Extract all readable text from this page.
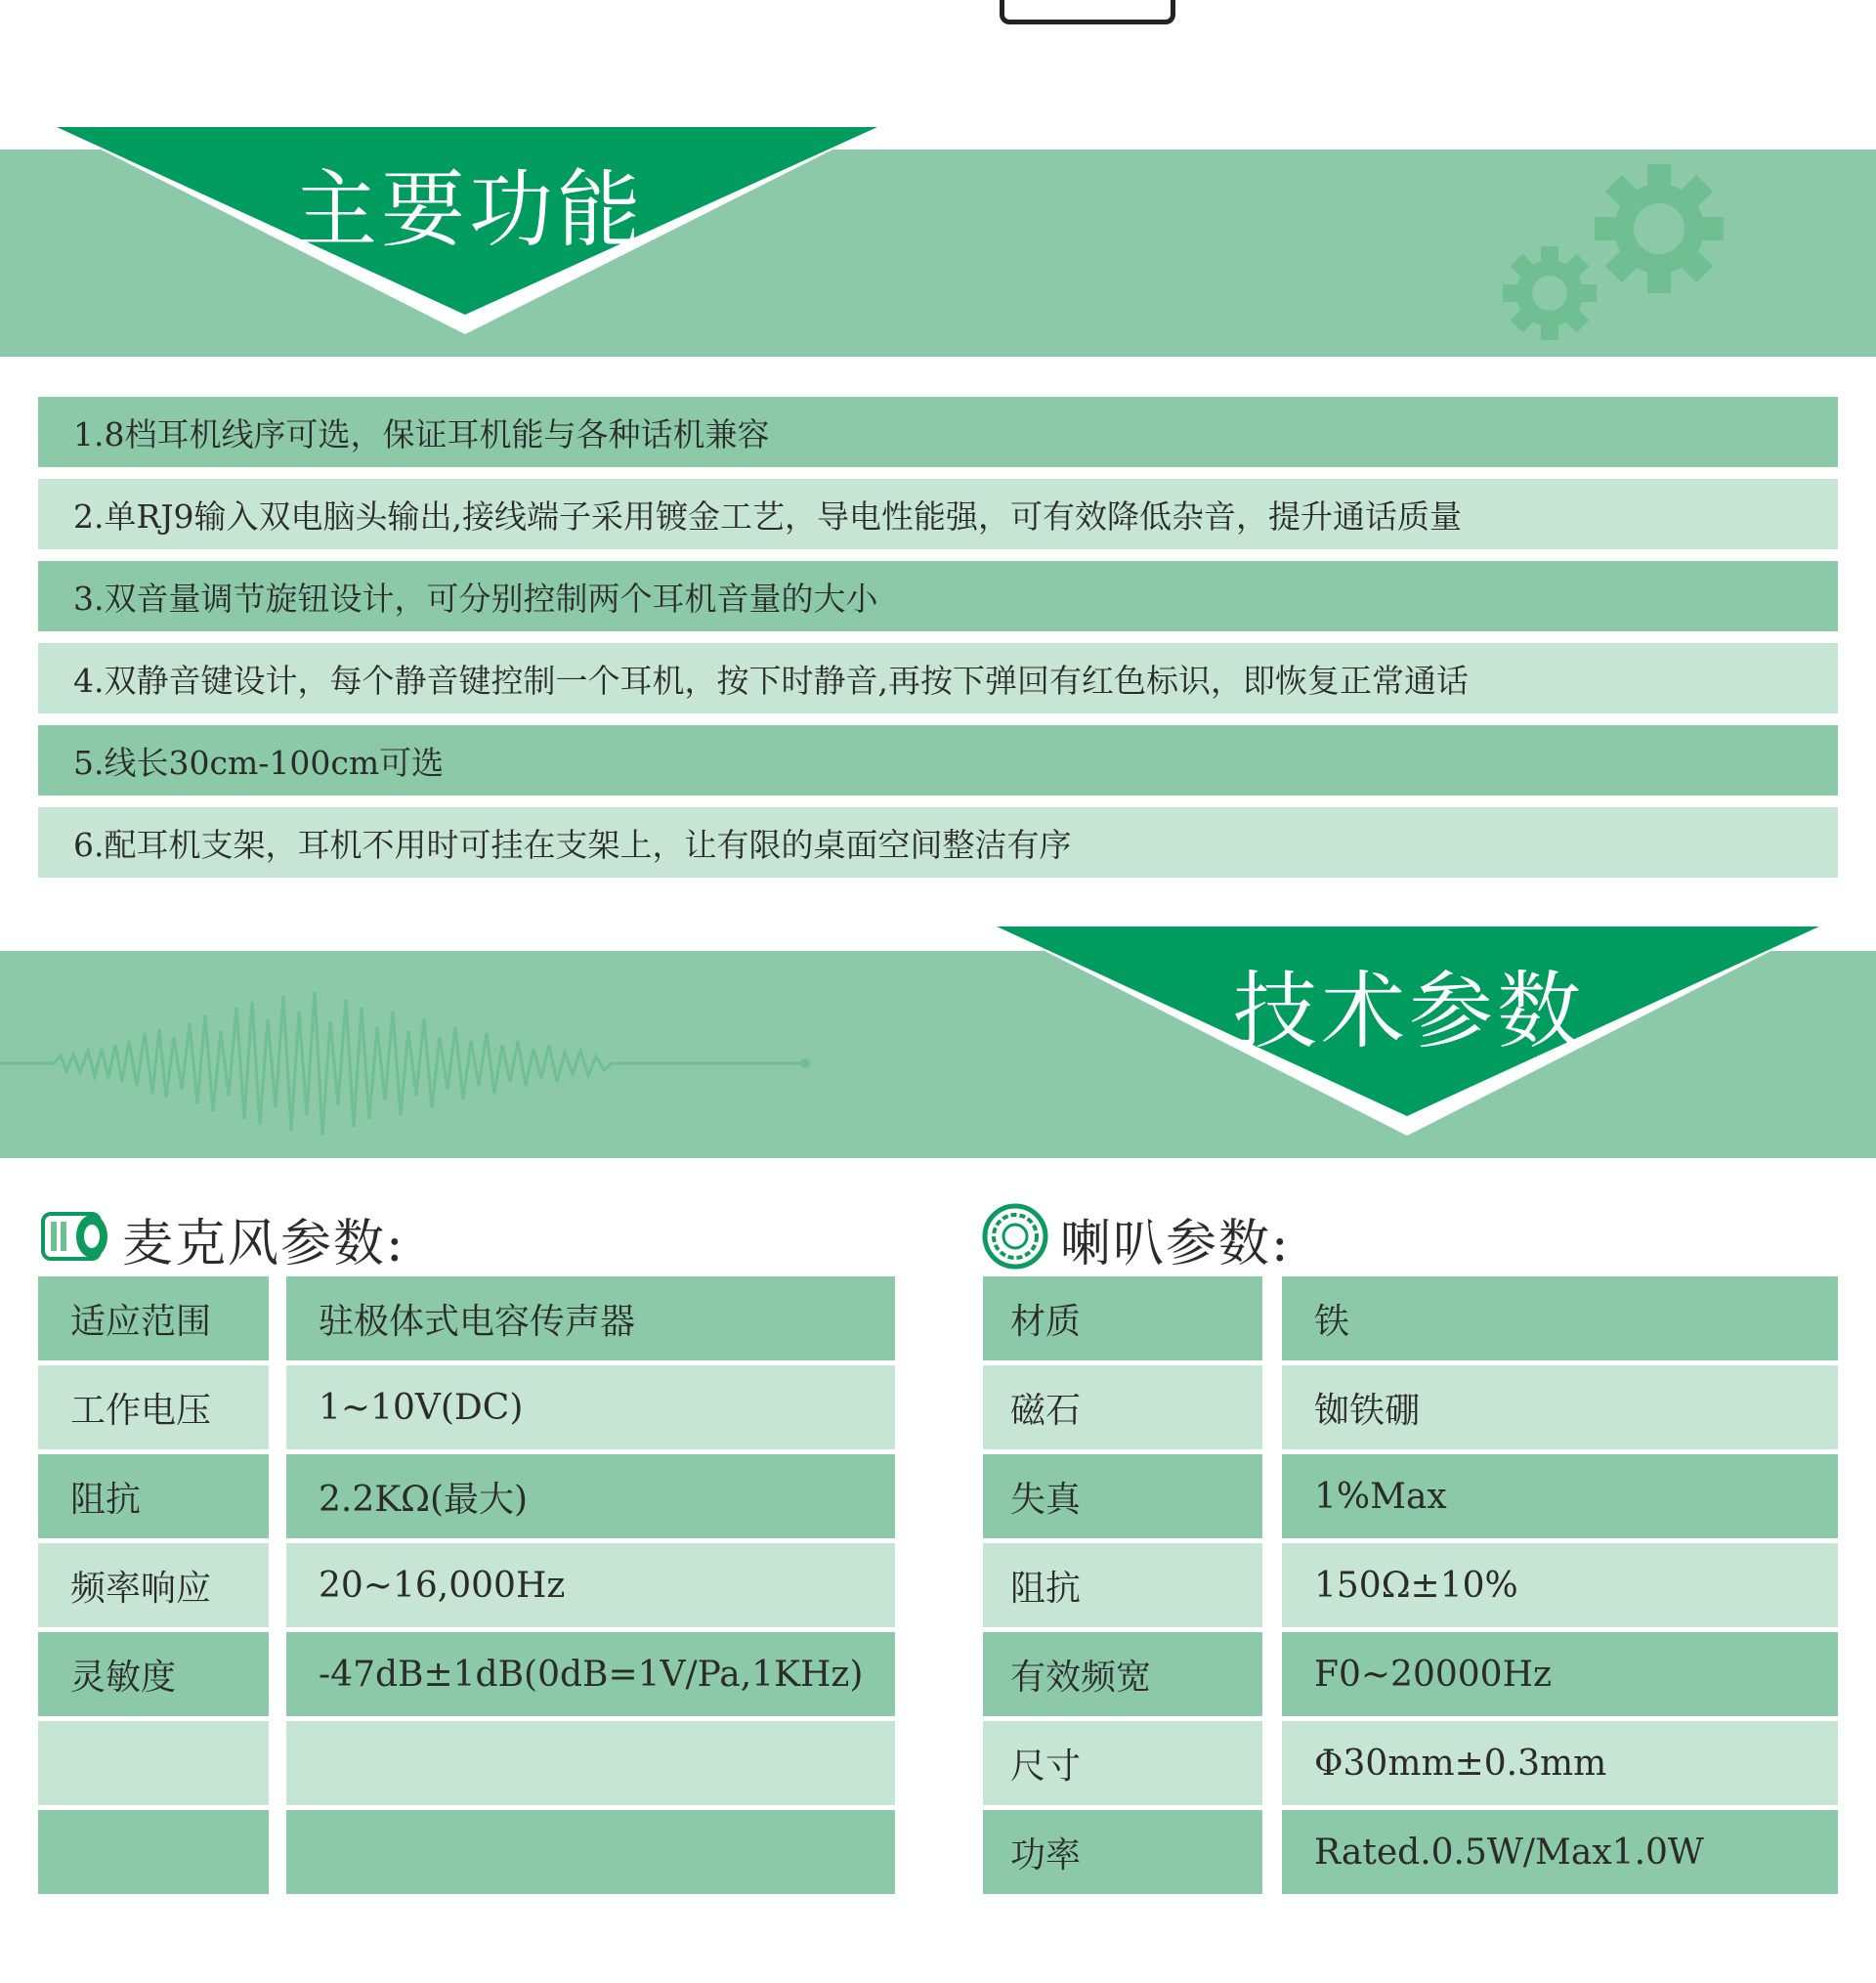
主要功能
1.8档耳机线序可选，保证耳机能与各种话机兼容
2.单RJ9输入双电脑头输出,接线端子采用镀金工艺，导电性能强，可有效降低杂音，提升通话质量
3.双音量调节旋钮设计，可分别控制两个耳机音量的大小
4.双静音键设计，每个静音键控制一个耳机，按下时静音,再按下弹回有红色标识，即恢复正常通话
5.线长30cm-100cm可选
6.配耳机支架，耳机不用时可挂在支架上，让有限的桌面空间整洁有序
技术参数
麦克风参数:	喇叭参数:
适应范围	驻极体式电容传声器
工作电压	1~10V(DC)
阻抗	2.2KΩ(最大)
频率响应	20~16,000Hz
灵敏度	-47dB±1dB(0dB=1V/Pa,1KHz)
材质	铁
磁石	铷铁硼
失真	1%Max
阻抗	150Ω±10%
有效频宽	F0~20000Hz
尺寸	Φ30mm±0.3mm
功率	Rated.0.5W/Max1.0W
